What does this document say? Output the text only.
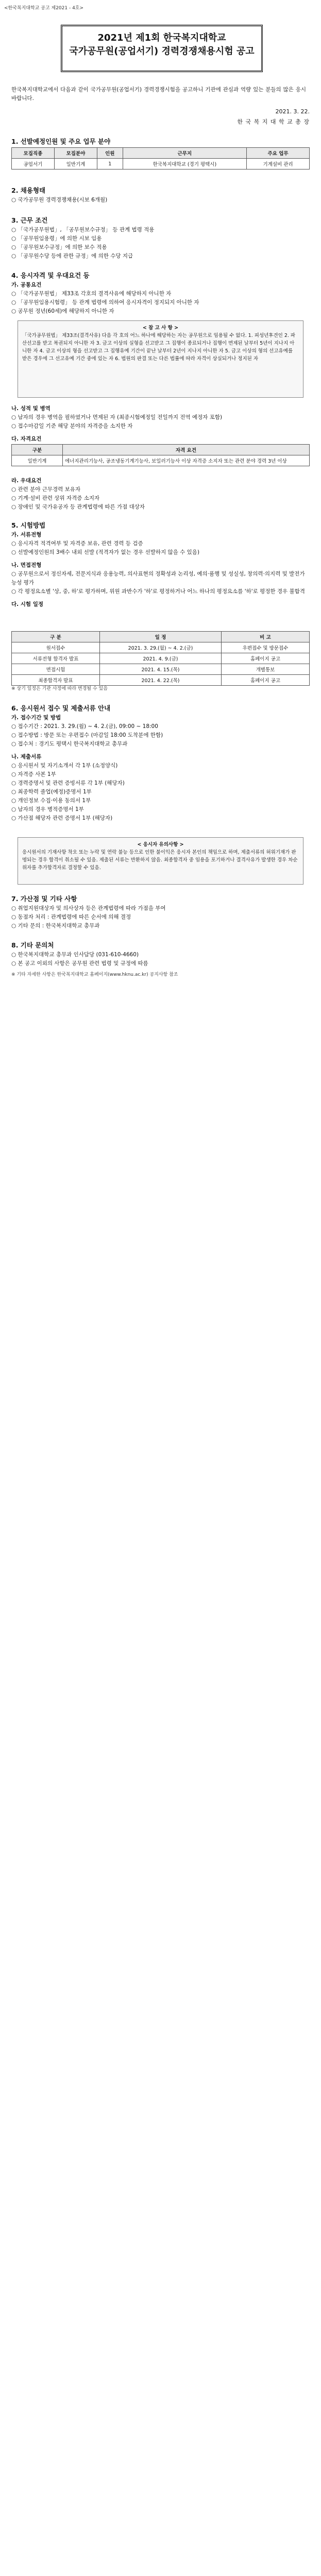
<한국복지대학교 공고 제2021 - 4호>
2021년 제1회 한국복지대학교
국가공무원(공업서기) 경력경쟁채용시험 공고
한국복지대학교에서 다음과 같이 국가공무원(공업서기) 경력경쟁시험을 공고하니 기관에 관심과 역량 있는 분들의 많은 응시 바랍니다.
2021. 3. 22.
한 국 복 지 대 학 교 총 장
1. 선발예정인원 및 주요 업무 분야
모집직종	모집분야	인원	근무지	주요 업무
공업서기	일반기계	1	한국복지대학교 (경기 평택시)	기계설비 관리
2. 채용형태
○ 국가공무원 경력경쟁채용(시보 6개월)
3. 근무 조건
○ 「국가공무원법」, 「공무원보수규정」 등 관계 법령 적용
○ 「공무원임용령」에 의한 시보 임용
○ 「공무원보수규정」에 의한 보수 적용
○ 「공무원수당 등에 관한 규정」에 의한 수당 지급
4. 응시자격 및 우대요건 등
가. 공통요건
○ 「국가공무원법」 제33조 각호의 결격사유에 해당하지 아니한 자
○ 「공무원임용시험령」 등 관계 법령에 의하여 응시자격이 정지되지 아니한 자
○ 공무원 정년(60세)에 해당하지 아니한 자
< 참 고 사 항 >
「국가공무원법」 제33조(결격사유) 다음 각 호의 어느 하나에 해당하는 자는 공무원으로 임용될 수 없다. 1. 피성년후견인 2. 파산선고를 받고 복권되지 아니한 자 3. 금고 이상의 실형을 선고받고 그 집행이 종료되거나 집행이 면제된 날부터 5년이 지나지 아니한 자 4. 금고 이상의 형을 선고받고 그 집행유예 기간이 끝난 날부터 2년이 지나지 아니한 자 5. 금고 이상의 형의 선고유예를 받은 경우에 그 선고유예 기간 중에 있는 자 6. 법원의 판결 또는 다른 법률에 따라 자격이 상실되거나 정지된 자
나. 성적 및 병역
○ 남자의 경우 병역을 필하였거나 면제된 자 (최종시험예정일 전일까지 전역 예정자 포함)
○ 접수마감일 기준 해당 분야의 자격증을 소지한 자
다. 자격요건
구분	자격 요건
일반기계	에너지관리기능사, 공조냉동기계기능사, 보일러기능사 이상 자격증 소지자 또는 관련 분야 경력 3년 이상
라. 우대요건
○ 관련 분야 근무경력 보유자
○ 기계·설비 관련 상위 자격증 소지자
○ 장애인 및 국가유공자 등 관계법령에 따른 가점 대상자
5. 시험방법
가. 서류전형
○ 응시자격 적격여부 및 자격증 보유, 관련 경력 등 검증
○ 선발예정인원의 3배수 내외 선발 (적격자가 없는 경우 선발하지 않을 수 있음)
나. 면접전형
○ 공무원으로서 정신자세, 전문지식과 응용능력, 의사표현의 정확성과 논리성, 예의·품행 및 성실성, 창의력·의지력 및 발전가능성 평가
○ 각 평정요소별 '상, 중, 하'로 평가하며, 위원 과반수가 '하'로 평정하거나 어느 하나의 평정요소를 '하'로 평정한 경우 불합격
다. 시험 일정
구 분	일 정	비 고
원서접수	2021. 3. 29.(월) ~ 4. 2.(금)	우편접수 및 방문접수
서류전형 합격자 발표	2021. 4. 9.(금)	홈페이지 공고
면접시험	2021. 4. 15.(목)	개별통보
최종합격자 발표	2021. 4. 22.(목)	홈페이지 공고
※ 상기 일정은 기관 사정에 따라 변경될 수 있음
6. 응시원서 접수 및 제출서류 안내
가. 접수기간 및 방법
○ 접수기간 : 2021. 3. 29.(월) ~ 4. 2.(금), 09:00 ~ 18:00
○ 접수방법 : 방문 또는 우편접수 (마감일 18:00 도착분에 한함)
○ 접수처 : 경기도 평택시 한국복지대학교 총무과
나. 제출서류
○ 응시원서 및 자기소개서 각 1부 (소정양식)
○ 자격증 사본 1부
○ 경력증명서 및 관련 증빙서류 각 1부 (해당자)
○ 최종학력 졸업(예정)증명서 1부
○ 개인정보 수집·이용 동의서 1부
○ 남자의 경우 병적증명서 1부
○ 가산점 해당자 관련 증명서 1부 (해당자)
< 응시자 유의사항 >
응시원서의 기재사항 착오 또는 누락 및 연락 불능 등으로 인한 불이익은 응시자 본인의 책임으로 하며, 제출서류의 허위기재가 판명되는 경우 합격이 취소될 수 있음. 제출된 서류는 반환하지 않음. 최종합격자 중 임용을 포기하거나 결격사유가 발생한 경우 차순위자를 추가합격자로 결정할 수 있음.
7. 가산점 및 기타 사항
○ 취업지원대상자 및 의사상자 등은 관계법령에 따라 가점을 부여
○ 동점자 처리 : 관계법령에 따른 순서에 의해 결정
○ 기타 문의 : 한국복지대학교 총무과
8. 기타 문의처
○ 한국복지대학교 총무과 인사담당 (031-610-4660)
○ 본 공고 이외의 사항은 공무원 관련 법령 및 규정에 따름
※ 기타 자세한 사항은 한국복지대학교 홈페이지(www.hknu.ac.kr) 공지사항 참조
